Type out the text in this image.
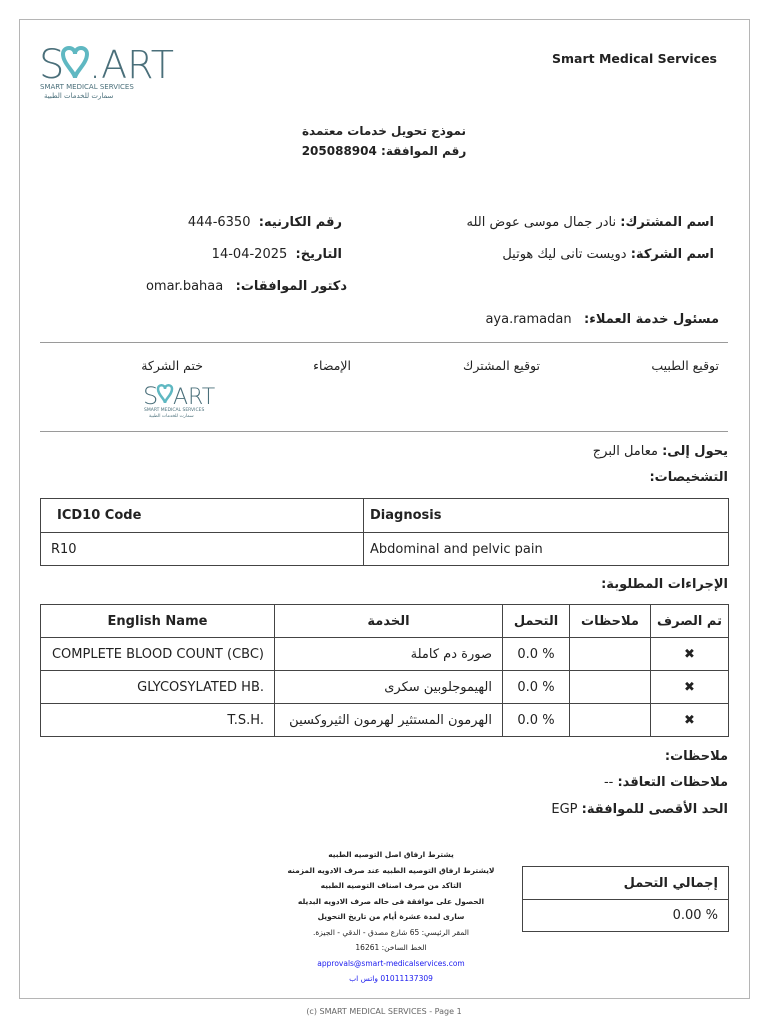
S .ART
SMART MEDICAL SERVICES
سمارت للخدمات الطبية
Smart Medical Services
نموذج تحويل خدمات معتمدة
رقم الموافقة: 205088904
اسم المشترك: نادر جمال موسى عوض الله
رقم الكارنيه:  6350-444
اسم الشركة: دويست تانى ليك هوتيل
التاريخ:  2025-04-14
دكتور الموافقات:   omar.bahaa
مسئول خدمة العملاء:   aya.ramadan
توقيع الطبيب
توقيع المشترك
الإمضاء
ختم الشركة
S ART
SMART MEDICAL SERVICES
سمارت للخدمات الطبية
يحول إلى: معامل البرج
التشخيصات:
ICD10 Code	Diagnosis
R10	Abdominal and pelvic pain
الإجراءات المطلوبة:
English Name	الخدمة	التحمل	ملاحظات	تم الصرف
COMPLETE BLOOD COUNT (CBC)	صورة دم كاملة	0.0 %		✖
GLYCOSYLATED HB.	الهيموجلوبين سكرى	0.0 %		✖
T.S.H.	الهرمون المستثير لهرمون الثيروكسين	0.0 %		✖
ملاحظات:
ملاحظات التعاقد: --
الحد الأقصى للموافقة: EGP
يشترط ارفاق اصل التوصيه الطبيه
لايشترط ارفاق التوصيه الطبيه عند صرف الادويه المزمنه
التاكد من صرف اصناف التوصيه الطبيه
الحصول على موافقة فى حاله صرف الادويه البديله
سارى لمدة عشرة أيام من تاريخ التحويل
المقر الرئيسي: 65 شارع مصدق - الدقي - الجيزة.
الخط الساخن: 16261
approvals@smart-medicalservices.com
01011137309 واتس اب
إجمالي التحمل
0.00 %
(c) SMART MEDICAL SERVICES - Page 1
